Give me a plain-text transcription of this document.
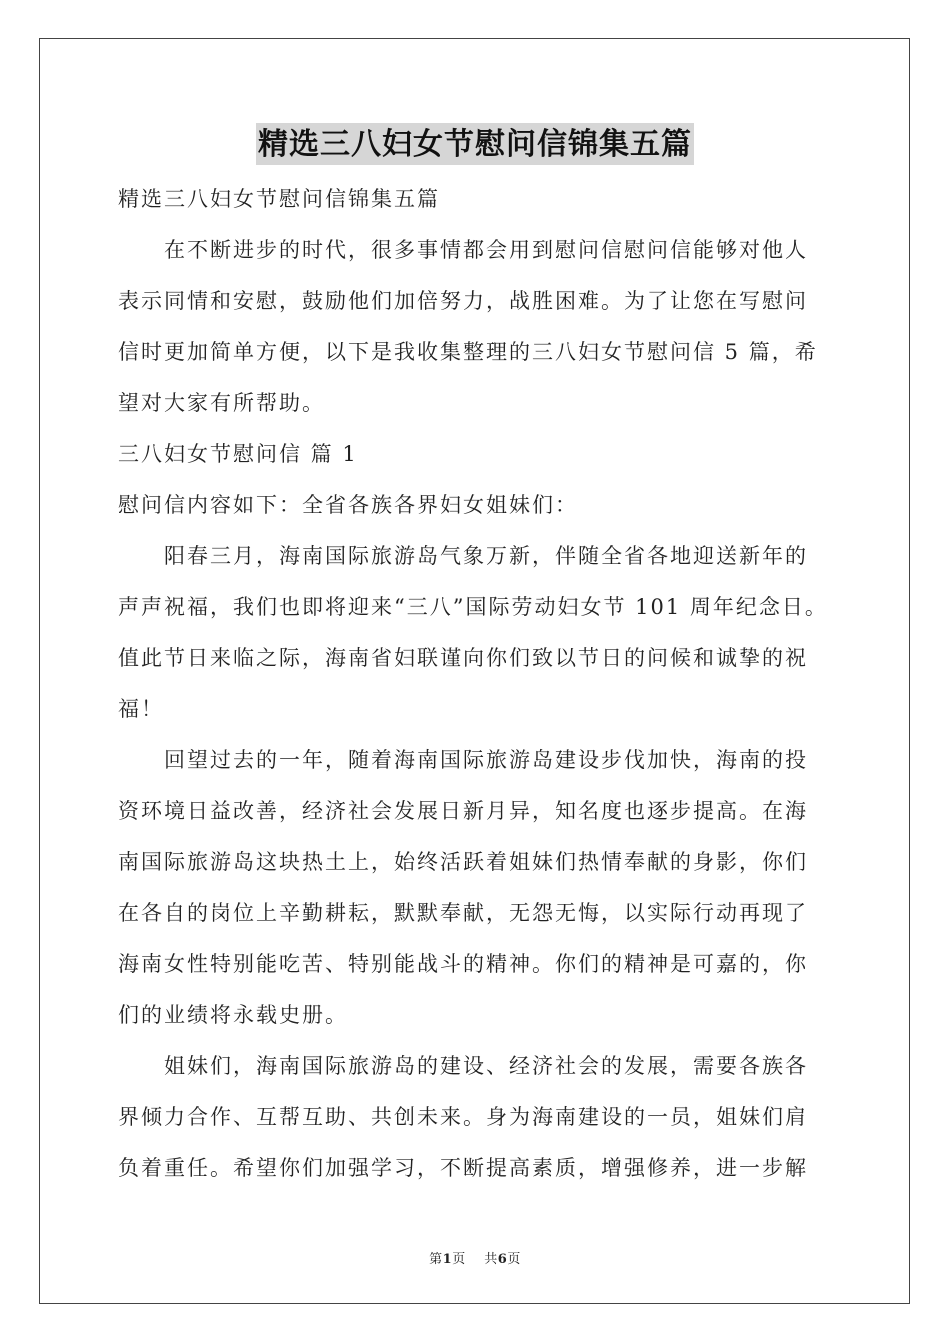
精选三八妇女节慰问信锦集五篇
精选三八妇女节慰问信锦集五篇
　　在不断进步的时代，很多事情都会用到慰问信慰问信能够对他人
表示同情和安慰，鼓励他们加倍努力，战胜困难。为了让您在写慰问
信时更加简单方便，以下是我收集整理的三八妇女节慰问信 5 篇，希
望对大家有所帮助。
三八妇女节慰问信 篇 1
慰问信内容如下：全省各族各界妇女姐妹们：
　　阳春三月，海南国际旅游岛气象万新，伴随全省各地迎送新年的
声声祝福，我们也即将迎来“三八”国际劳动妇女节 101 周年纪念日。
值此节日来临之际，海南省妇联谨向你们致以节日的问候和诚挚的祝
福！
　　回望过去的一年，随着海南国际旅游岛建设步伐加快，海南的投
资环境日益改善，经济社会发展日新月异，知名度也逐步提高。在海
南国际旅游岛这块热土上，始终活跃着姐妹们热情奉献的身影，你们
在各自的岗位上辛勤耕耘，默默奉献，无怨无悔，以实际行动再现了
海南女性特别能吃苦、特别能战斗的精神。你们的精神是可嘉的，你
们的业绩将永载史册。
　　姐妹们，海南国际旅游岛的建设、经济社会的发展，需要各族各
界倾力合作、互帮互助、共创未来。身为海南建设的一员，姐妹们肩
负着重任。希望你们加强学习，不断提高素质，增强修养，进一步解
第1页 共6页
